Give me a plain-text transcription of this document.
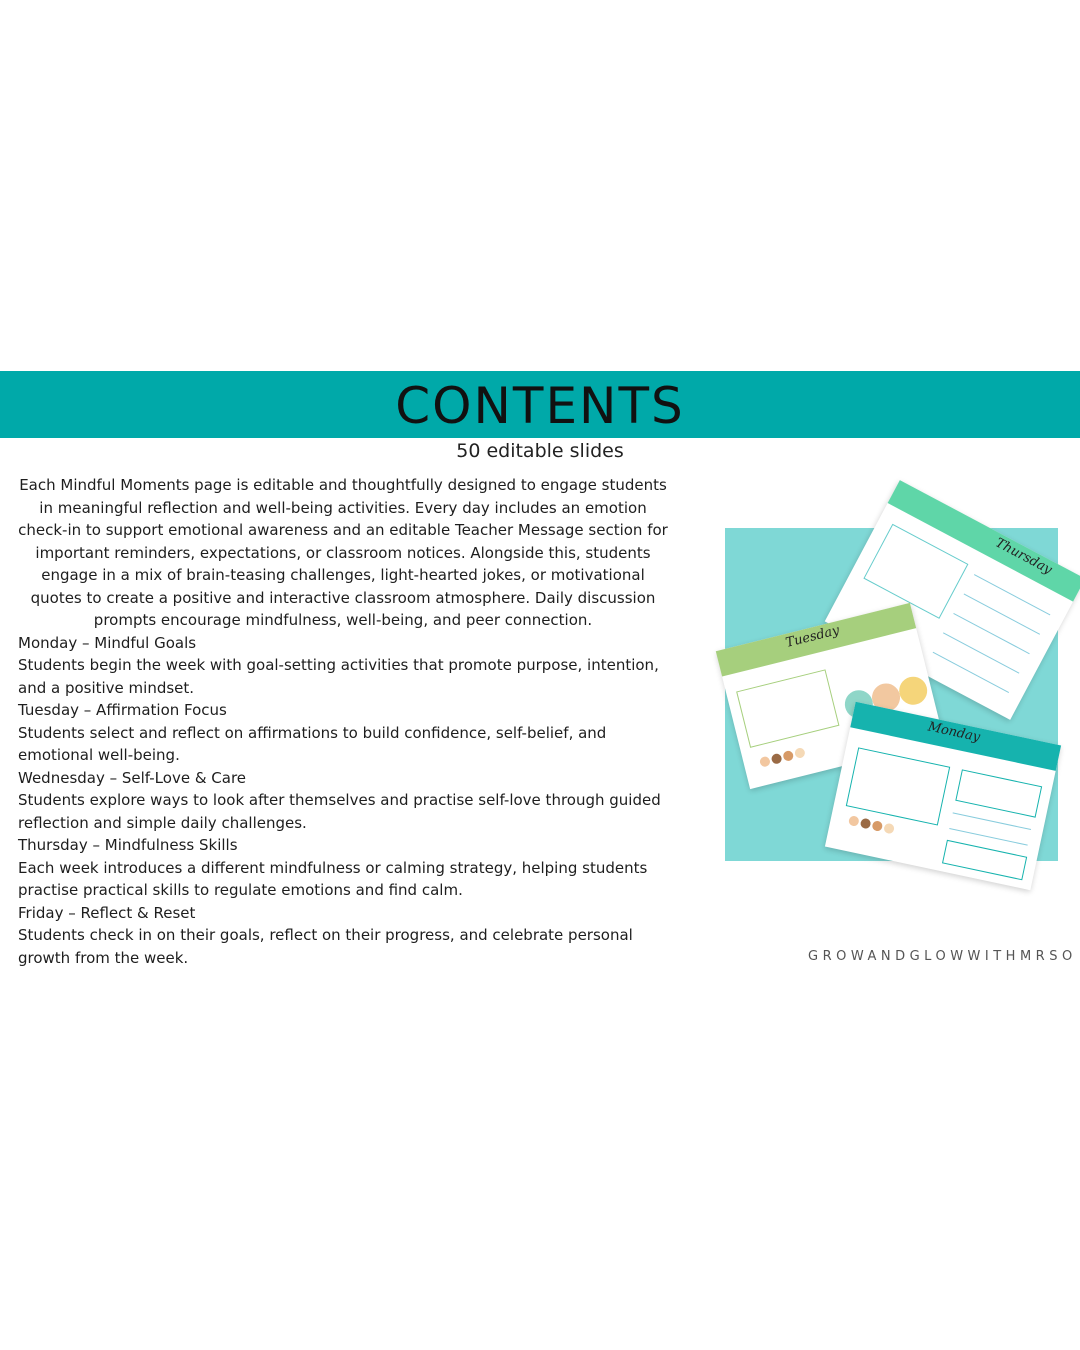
CONTENTS
50 editable slides

Each Mindful Moments page is editable and thoughtfully designed to engage students in meaningful reflection and well-being activities. Every day includes an emotion check-in to support emotional awareness and an editable Teacher Message section for important reminders, expectations, or classroom notices. Alongside this, students engage in a mix of brain-teasing challenges, light-hearted jokes, or motivational quotes to create a positive and interactive classroom atmosphere. Daily discussion prompts encourage mindfulness, well-being, and peer connection.

Monday – Mindful Goals

Students begin the week with goal-setting activities that promote purpose, intention, and a positive mindset.

Tuesday – Affirmation Focus

Students select and reflect on affirmations to build confidence, self-belief, and emotional well-being.

Wednesday – Self-Love & Care

Students explore ways to look after themselves and practise self-love through guided reflection and simple daily challenges.

Thursday – Mindfulness Skills

Each week introduces a different mindfulness or calming strategy, helping students practise practical skills to regulate emotions and find calm.

Friday – Reflect & Reset

Students check in on their goals, reflect on their progress, and celebrate personal growth from the week.

Thursday
Tuesday
Monday
GROWANDGLOWWITHMRSO
